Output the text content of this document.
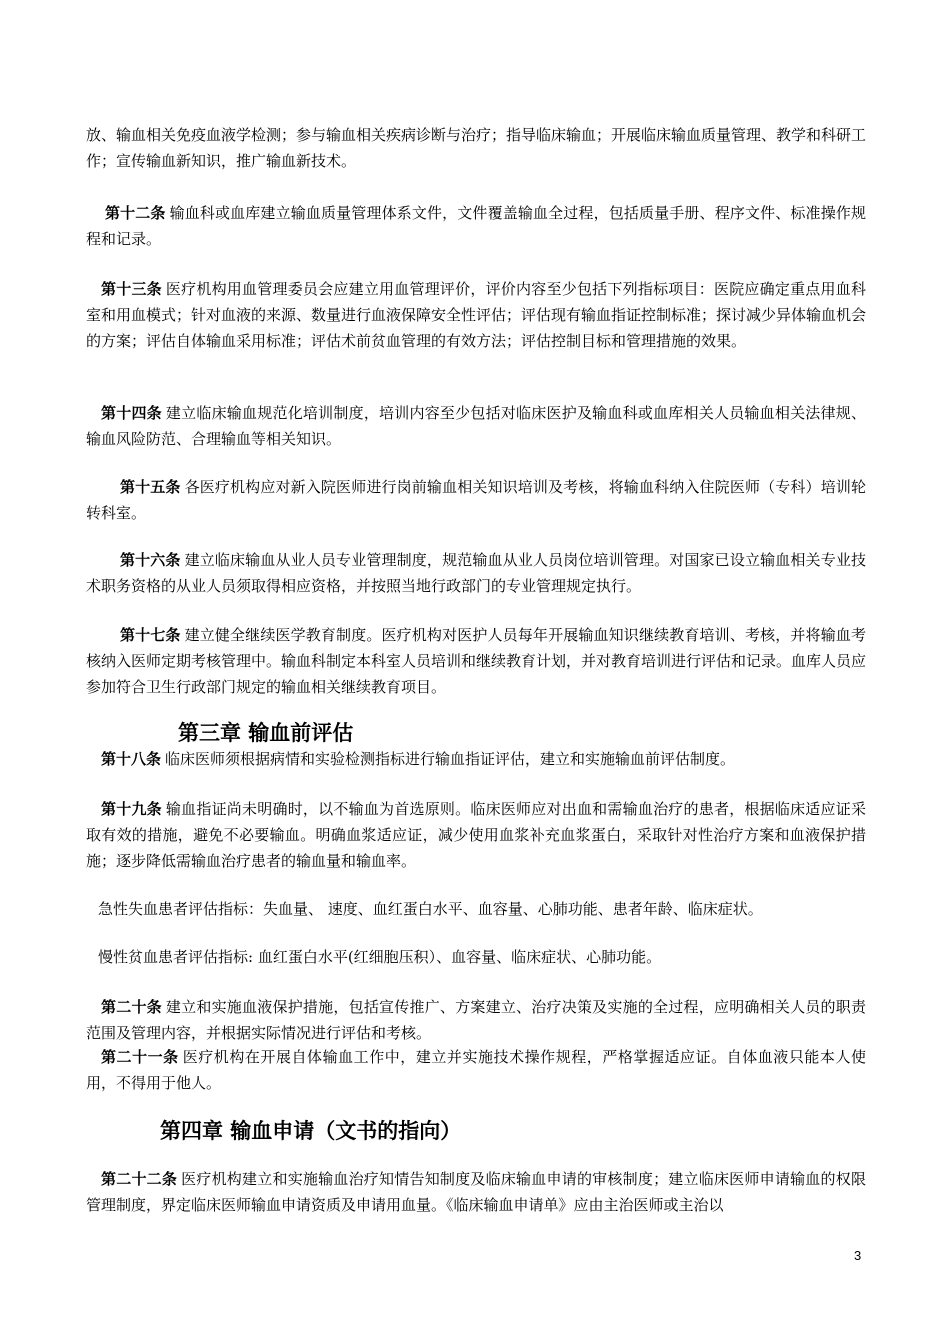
放、输血相关免疫血液学检测；参与输血相关疾病诊断与治疗；指导临床输血；开展临床输血质量管理、教学和科研工作；宣传输血新知识，推广输血新技术。

第十二条 输血科或血库建立输血质量管理体系文件，文件覆盖输血全过程，包括质量手册、程序文件、标准操作规程和记录。

第十三条 医疗机构用血管理委员会应建立用血管理评价，评价内容至少包括下列指标项目：医院应确定重点用血科室和用血模式；针对血液的来源、数量进行血液保障安全性评估；评估现有输血指证控制标准；探讨减少异体输血机会的方案；评估自体输血采用标准；评估术前贫血管理的有效方法；评估控制目标和管理措施的效果。

第十四条 建立临床输血规范化培训制度，培训内容至少包括对临床医护及输血科或血库相关人员输血相关法律规、输血风险防范、合理输血等相关知识。

第十五条 各医疗机构应对新入院医师进行岗前输血相关知识培训及考核，将输血科纳入住院医师（专科）培训轮转科室。

第十六条 建立临床输血从业人员专业管理制度，规范输血从业人员岗位培训管理。对国家已设立输血相关专业技术职务资格的从业人员须取得相应资格，并按照当地行政部门的专业管理规定执行。

第十七条 建立健全继续医学教育制度。医疗机构对医护人员每年开展输血知识继续教育培训、考核，并将输血考核纳入医师定期考核管理中。输血科制定本科室人员培训和继续教育计划，并对教育培训进行评估和记录。血库人员应参加符合卫生行政部门规定的输血相关继续教育项目。

第三章 输血前评估

第十八条 临床医师须根据病情和实验检测指标进行输血指证评估，建立和实施输血前评估制度。

第十九条 输血指证尚未明确时，以不输血为首选原则。临床医师应对出血和需输血治疗的患者，根据临床适应证采取有效的措施，避免不必要输血。明确血浆适应证，减少使用血浆补充血浆蛋白，采取针对性治疗方案和血液保护措施；逐步降低需输血治疗患者的输血量和输血率。

急性失血患者评估指标：失血量、 速度、血红蛋白水平、血容量、心肺功能、患者年龄、临床症状。

慢性贫血患者评估指标: 血红蛋白水平(红细胞压积）、血容量、临床症状、心肺功能。

第二十条 建立和实施血液保护措施，包括宣传推广、方案建立、治疗决策及实施的全过程，应明确相关人员的职责范围及管理内容，并根据实际情况进行评估和考核。

第二十一条 医疗机构在开展自体输血工作中，建立并实施技术操作规程，严格掌握适应证。自体血液只能本人使用，不得用于他人。

第四章 输血申请（文书的指向）

第二十二条 医疗机构建立和实施输血治疗知情告知制度及临床输血申请的审核制度；建立临床医师申请输血的权限管理制度，界定临床医师输血申请资质及申请用血量。《临床输血申请单》应由主治医师或主治以

3
